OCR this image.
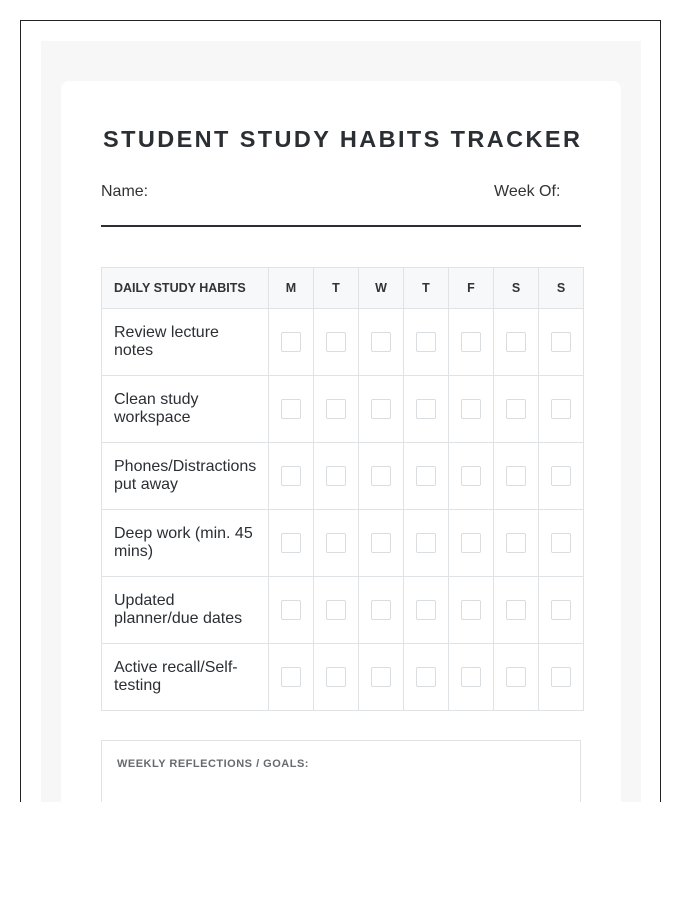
STUDENT STUDY HABITS TRACKER
Name:	Week Of:
DAILY STUDY HABITS	M	T	W	T	F	S	S
Review lecture notes							
Clean study workspace							
Phones/Distractions put away							
Deep work (min. 45 mins)							
Updated planner/due dates							
Active recall/Self-testing							
WEEKLY REFLECTIONS / GOALS:
